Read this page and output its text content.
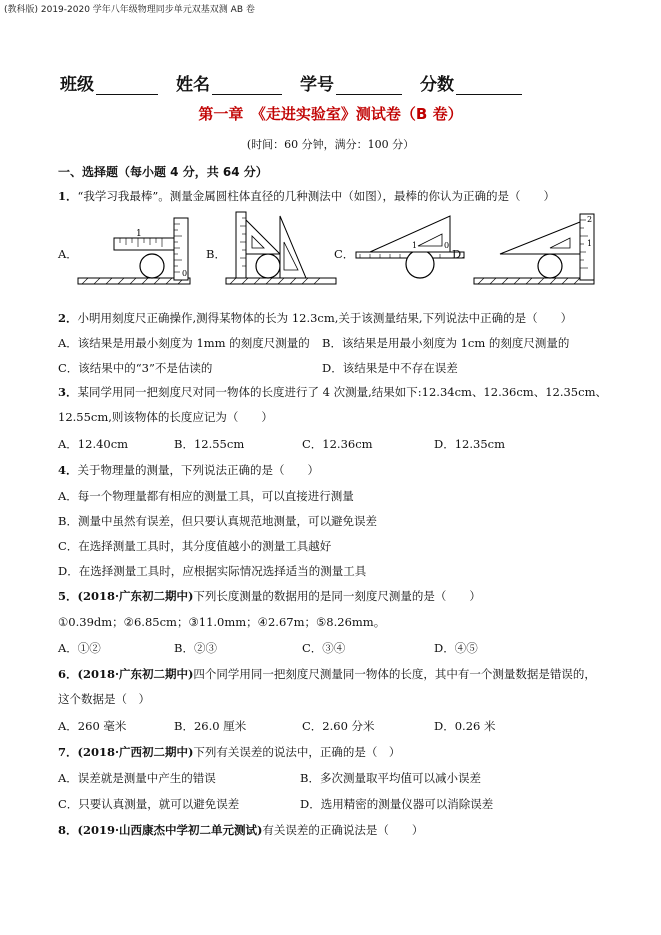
(教科版) 2019-2020 学年八年级物理同步单元双基双测 AB 卷
班级	姓名	学号	分数
第一章　《走进实验室》测试卷（B 卷）
(时间：60 分钟，满分：100 分）
一、选择题（每小题 4 分，共 64 分）
1．“我学习我最棒”。测量金属圆柱体直径的几种测法中（如图），最棒的你认为正确的是（　　）
A．
1
0
B．	C．
1	0
D．
2
1
2．小明用刻度尺正确操作,测得某物体的长为 12.3cm,关于该测量结果,下列说法中正确的是（　　）
A．该结果是用最小刻度为 1mm 的刻度尺测量的	B．该结果是用最小刻度为 1cm 的刻度尺测量的
C．该结果中的“3”不是估读的	D．该结果是中不存在误差
3．某同学用同一把刻度尺对同一物体的长度进行了 4 次测量,结果如下:12.34cm、12.36cm、12.35cm、
12.55cm,则该物体的长度应记为（　　）
A．12.40cm	B．12.55cm	C．12.36cm	D．12.35cm
4．关于物理量的测量，下列说法正确的是（　　）
A．每一个物理量都有相应的测量工具，可以直接进行测量
B．测量中虽然有误差，但只要认真规范地测量，可以避免误差
C．在选择测量工具时，其分度值越小的测量工具越好
D．在选择测量工具时，应根据实际情况选择适当的测量工具
5．(2018·广东初二期中)下列长度测量的数据用的是同一刻度尺测量的是（　　）
①0.39dm；②6.85cm；③11.0mm；④2.67m；⑤8.26mm。
A．①②	B．②③	C．③④	D．④⑤
6．(2018·广东初二期中)四个同学用同一把刻度尺测量同一物体的长度，其中有一个测量数据是错误的，
这个数据是（　）
A．260 毫米	B．26.0 厘米	C．2.60 分米	D．0.26 米
7．(2018·广西初二期中)下列有关误差的说法中，正确的是（　）
A．误差就是测量中产生的错误	B．多次测量取平均值可以减小误差
C．只要认真测量，就可以避免误差	D．选用精密的测量仪器可以消除误差
8．(2019·山西康杰中学初二单元测试)有关误差的正确说法是（　　）
